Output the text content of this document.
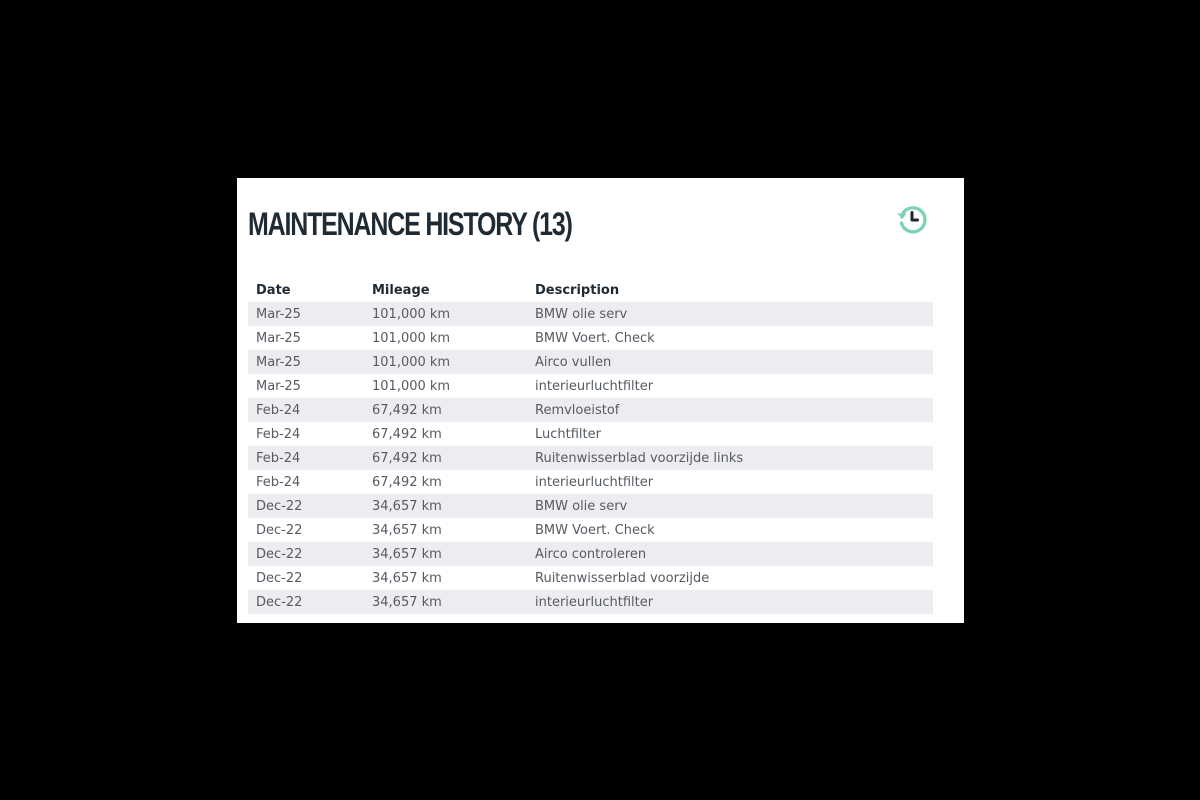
MAINTENANCE HISTORY (13)
Date	Mileage	Description
Mar-25	101,000 km	BMW olie serv
Mar-25	101,000 km	BMW Voert. Check
Mar-25	101,000 km	Airco vullen
Mar-25	101,000 km	interieurluchtfilter
Feb-24	67,492 km	Remvloeistof
Feb-24	67,492 km	Luchtfilter
Feb-24	67,492 km	Ruitenwisserblad voorzijde links
Feb-24	67,492 km	interieurluchtfilter
Dec-22	34,657 km	BMW olie serv
Dec-22	34,657 km	BMW Voert. Check
Dec-22	34,657 km	Airco controleren
Dec-22	34,657 km	Ruitenwisserblad voorzijde
Dec-22	34,657 km	interieurluchtfilter
